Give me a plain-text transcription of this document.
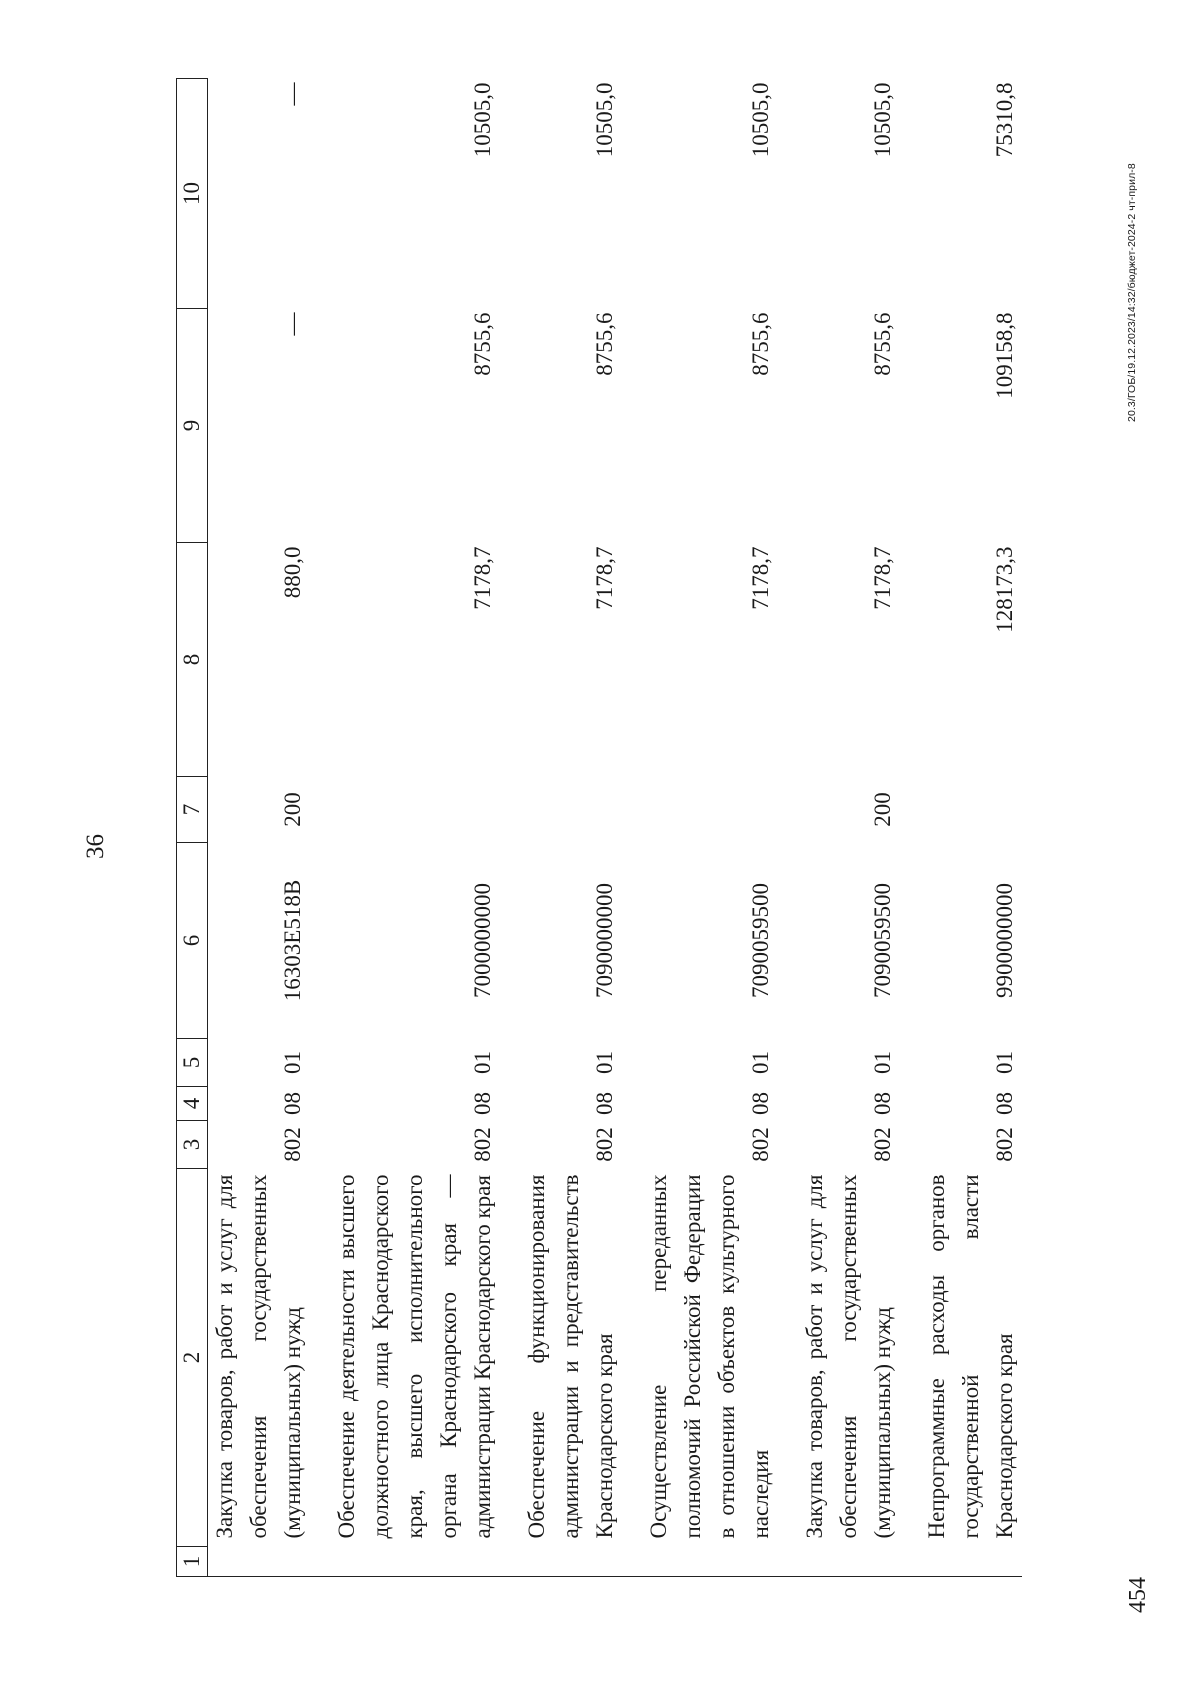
36
1	2	3	4	5	6	7	8	9	10
	Закупка товаров, работ и услуг для обеспечения государственных (муниципальных) нужд	802	08	01	16303E518B	200	880,0	—	—
	Обеспечение деятельности высшего должностного лица Краснодарского края, высшего исполнительного органа Краснодарского края — администрации Краснодарского края	802	08	01	7000000000		7178,7	8755,6	10505,0
	Обеспечение функционирования администрации и представительств Краснодарского края	802	08	01	7090000000		7178,7	8755,6	10505,0
	Осуществление переданных полномочий Российской Федерации в отношении объектов культурного наследия	802	08	01	7090059500		7178,7	8755,6	10505,0
	Закупка товаров, работ и услуг для обеспечения государственных (муниципальных) нужд	802	08	01	7090059500	200	7178,7	8755,6	10505,0
	Непрограммные расходы органов государственной власти Краснодарского края	802	08	01	9900000000		128173,3	109158,8	75310,8
454
20.3/ГОБ/19.12.2023/14:32/бюджет-2024-2 чт-прил-8
